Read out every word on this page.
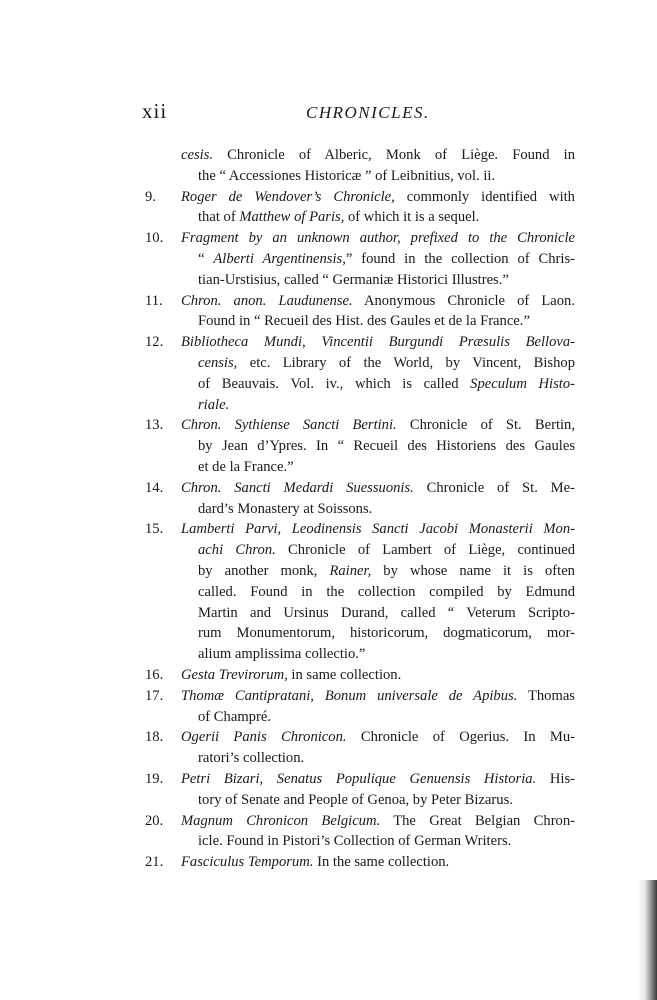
xii	CHRONICLES.
cesis. Chronicle of Alberic, Monk of Liège. Found in
the “ Accessiones Historicæ ” of Leibnitius, vol. ii.
9.	Roger de Wendover’s Chronicle, commonly identified with
that of Matthew of Paris, of which it is a sequel.
10.	Fragment by an unknown author, prefixed to the Chronicle
“ Alberti Argentinensis,” found in the collection of Chris-
tian-Urstisius, called “ Germaniæ Historici Illustres.”
11.	Chron. anon. Laudunense. Anonymous Chronicle of Laon.
Found in “ Recueil des Hist. des Gaules et de la France.”
12.	Bibliotheca Mundi, Vincentii Burgundi Præsulis Bellova-
censis, etc. Library of the World, by Vincent, Bishop
of Beauvais. Vol. iv., which is called Speculum Histo-
riale.
13.	Chron. Sythiense Sancti Bertini. Chronicle of St. Bertin,
by Jean d’Ypres. In “ Recueil des Historiens des Gaules
et de la France.”
14.	Chron. Sancti Medardi Suessuonis. Chronicle of St. Me-
dard’s Monastery at Soissons.
15.	Lamberti Parvi, Leodinensis Sancti Jacobi Monasterii Mon-
achi Chron. Chronicle of Lambert of Liège, continued
by another monk, Rainer, by whose name it is often
called. Found in the collection compiled by Edmund
Martin and Ursinus Durand, called “ Veterum Scripto-
rum Monumentorum, historicorum, dogmaticorum, mor-
alium amplissima collectio.”
16.	Gesta Trevirorum, in same collection.
17.	Thomæ Cantipratani, Bonum universale de Apibus. Thomas
of Champré.
18.	Ogerii Panis Chronicon. Chronicle of Ogerius. In Mu-
ratori’s collection.
19.	Petri Bizari, Senatus Populique Genuensis Historia. His-
tory of Senate and People of Genoa, by Peter Bizarus.
20.	Magnum Chronicon Belgicum. The Great Belgian Chron-
icle. Found in Pistori’s Collection of German Writers.
21.	Fasciculus Temporum. In the same collection.
